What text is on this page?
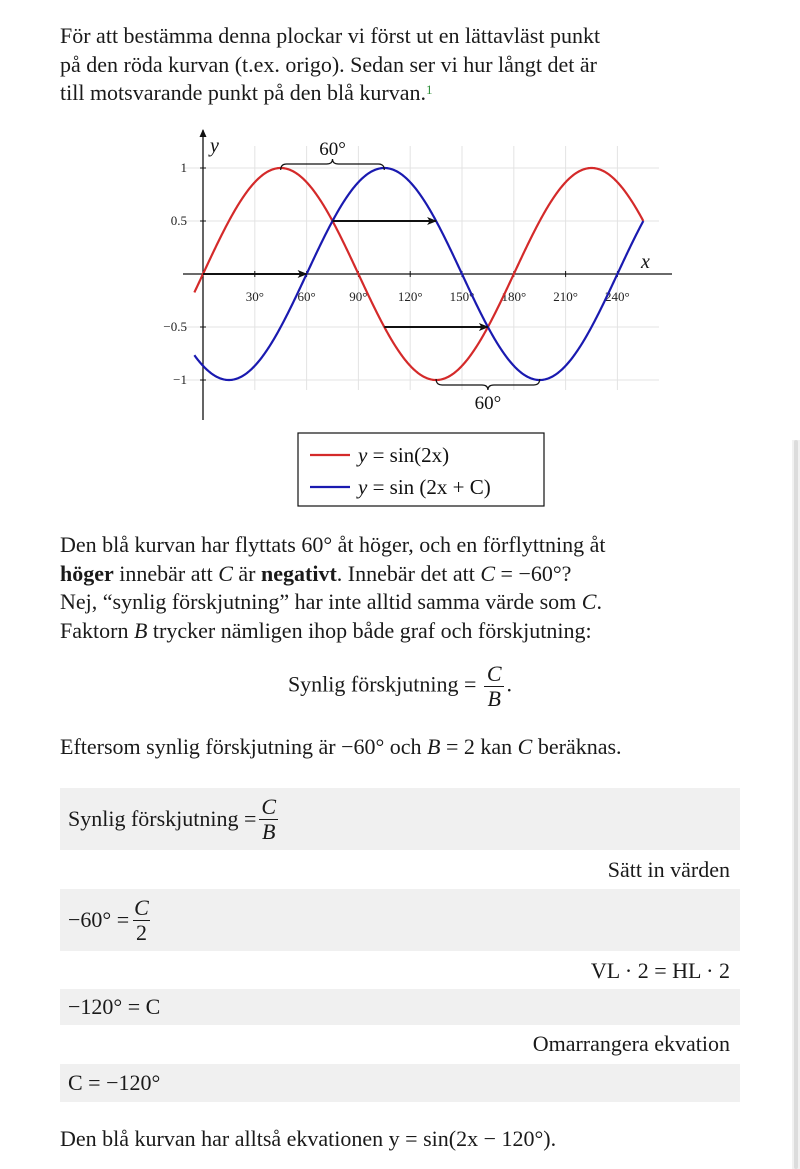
För att bestämma denna plockar vi först ut en lättavläst punkt
på den röda kurvan (t.ex. origo). Sedan ser vi hur långt det är
till motsvarande punkt på den blå kurvan.$^1$

x
y
30°	60°	90° 120° 150° 180° 210° 240°
1
0.5
−0.5
−1
60°
60°
y = sin(2x)
y = sin (2x + C)

Den blå kurvan har flyttats 60° åt höger, och en förflyttning åt
höger innebär att C är negativt. Innebär det att C = −60°?
Nej, “synlig förskjutning” har inte alltid samma värde som C.
Faktorn B trycker nämligen ihop både graf och förskjutning:

Synlig förskjutning = $\frac{C}{B}$ .

Eftersom synlig förskjutning är −60° och B = 2 kan C beräknas.

Synlig förskjutning = $\frac{C}{B}$
Sätt in värden
$-60^\circ = \frac{C}{2}$
VL · 2 = HL · 2
−120° = C
Omarrangera ekvation
C = −120°

Den blå kurvan har alltså ekvationen y = sin(2x − 120°).
